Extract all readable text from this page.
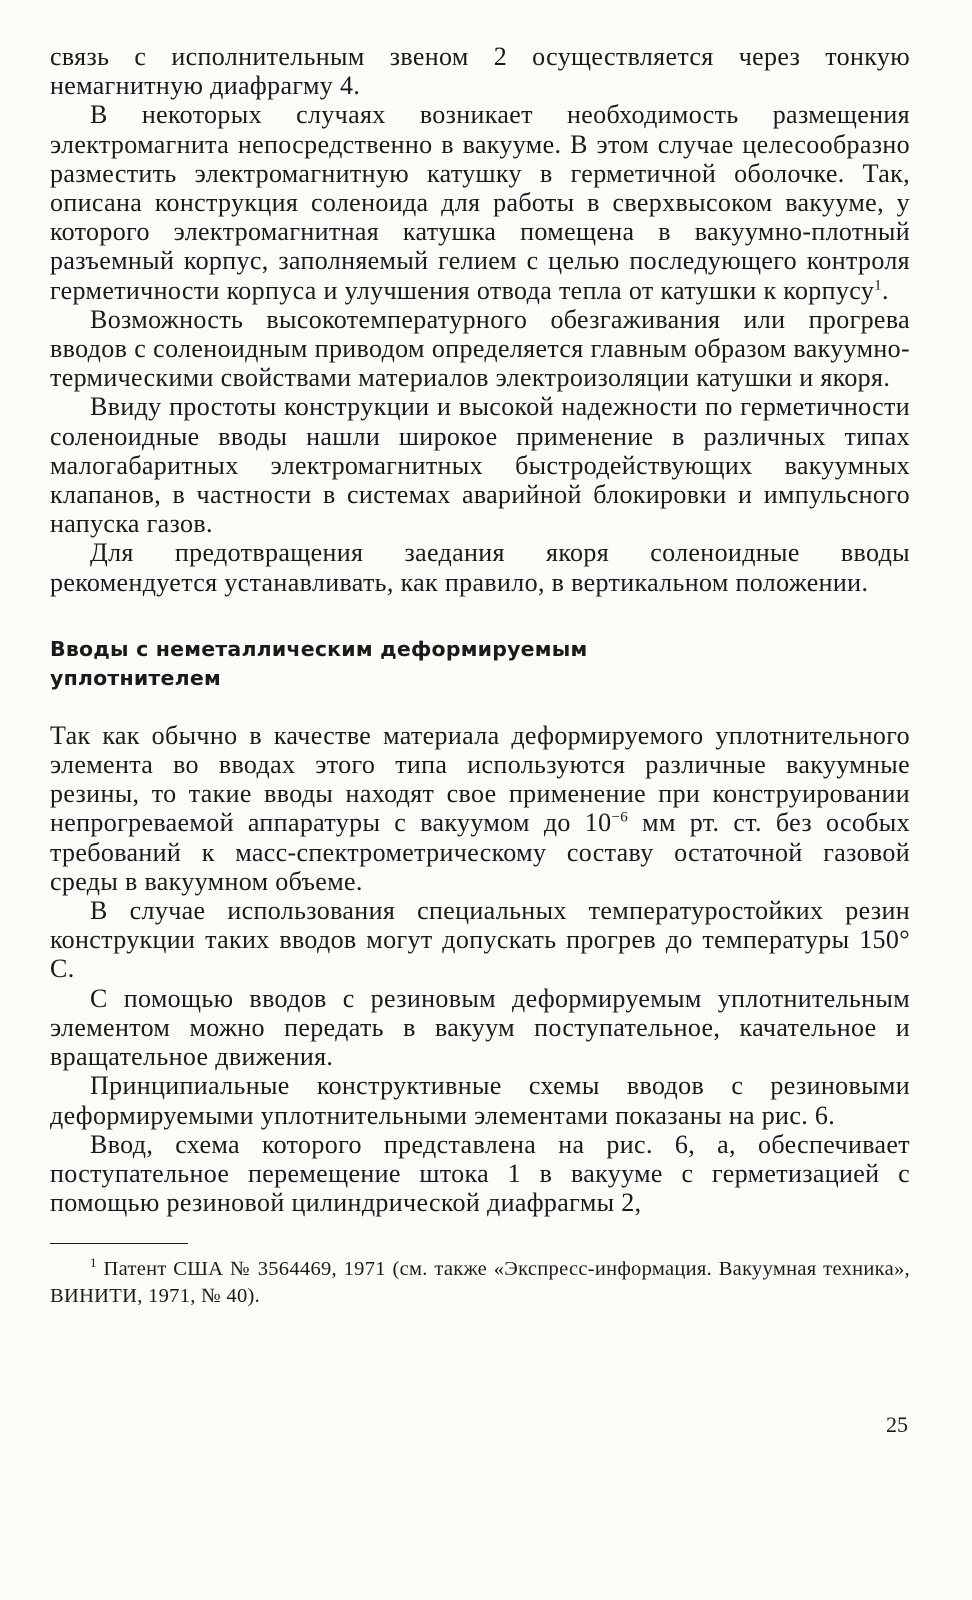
связь с исполнительным звеном 2 осуществляется через тонкую немагнитную диафрагму 4.

В некоторых случаях возникает необходимость размещения электромагнита непосредственно в вакууме. В этом случае целесообразно разместить электромагнитную катушку в герметичной оболочке. Так, описана конструкция соленоида для работы в сверхвысоком вакууме, у которого электромагнитная катушка помещена в вакуумно-плотный разъемный корпус, заполняемый гелием с целью последующего контроля герметичности корпуса и улучшения отвода тепла от катушки к корпусу$^1$.

Возможность высокотемпературного обезгаживания или прогрева вводов с соленоидным приводом определяется главным образом вакуумно-термическими свойствами материалов электроизоляции катушки и якоря.

Ввиду простоты конструкции и высокой надежности по герметичности соленоидные вводы нашли широкое применение в различных типах малогабаритных электромагнитных быстродействующих вакуумных клапанов, в частности в системах аварийной блокировки и импульсного напуска газов.

Для предотвращения заедания якоря соленоидные вводы рекомендуется устанавливать, как правило, в вертикальном положении.

Вводы с неметаллическим деформируемым
уплотнителем

Так как обычно в качестве материала деформируемого уплотнительного элемента во вводах этого типа используются различные вакуумные резины, то такие вводы находят свое применение при конструировании непрогреваемой аппаратуры с вакуумом до $10^{-6}$ мм рт. ст. без особых требований к масс-спектрометрическому составу остаточной газовой среды в вакуумном объеме.

В случае использования специальных температуростойких резин конструкции таких вводов могут допускать прогрев до температуры 150° С.

С помощью вводов с резиновым деформируемым уплотнительным элементом можно передать в вакуум поступательное, качательное и вращательное движения.

Принципиальные конструктивные схемы вводов с резиновыми деформируемыми уплотнительными элементами показаны на рис. 6.

Ввод, схема которого представлена на рис. 6, а, обеспечивает поступательное перемещение штока 1 в вакууме с герметизацией с помощью резиновой цилиндрической диафрагмы 2,

$^1$ Патент США № 3564469, 1971 (см. также «Экспресс-информация. Вакуумная техника», ВИНИТИ, 1971, № 40).

25
